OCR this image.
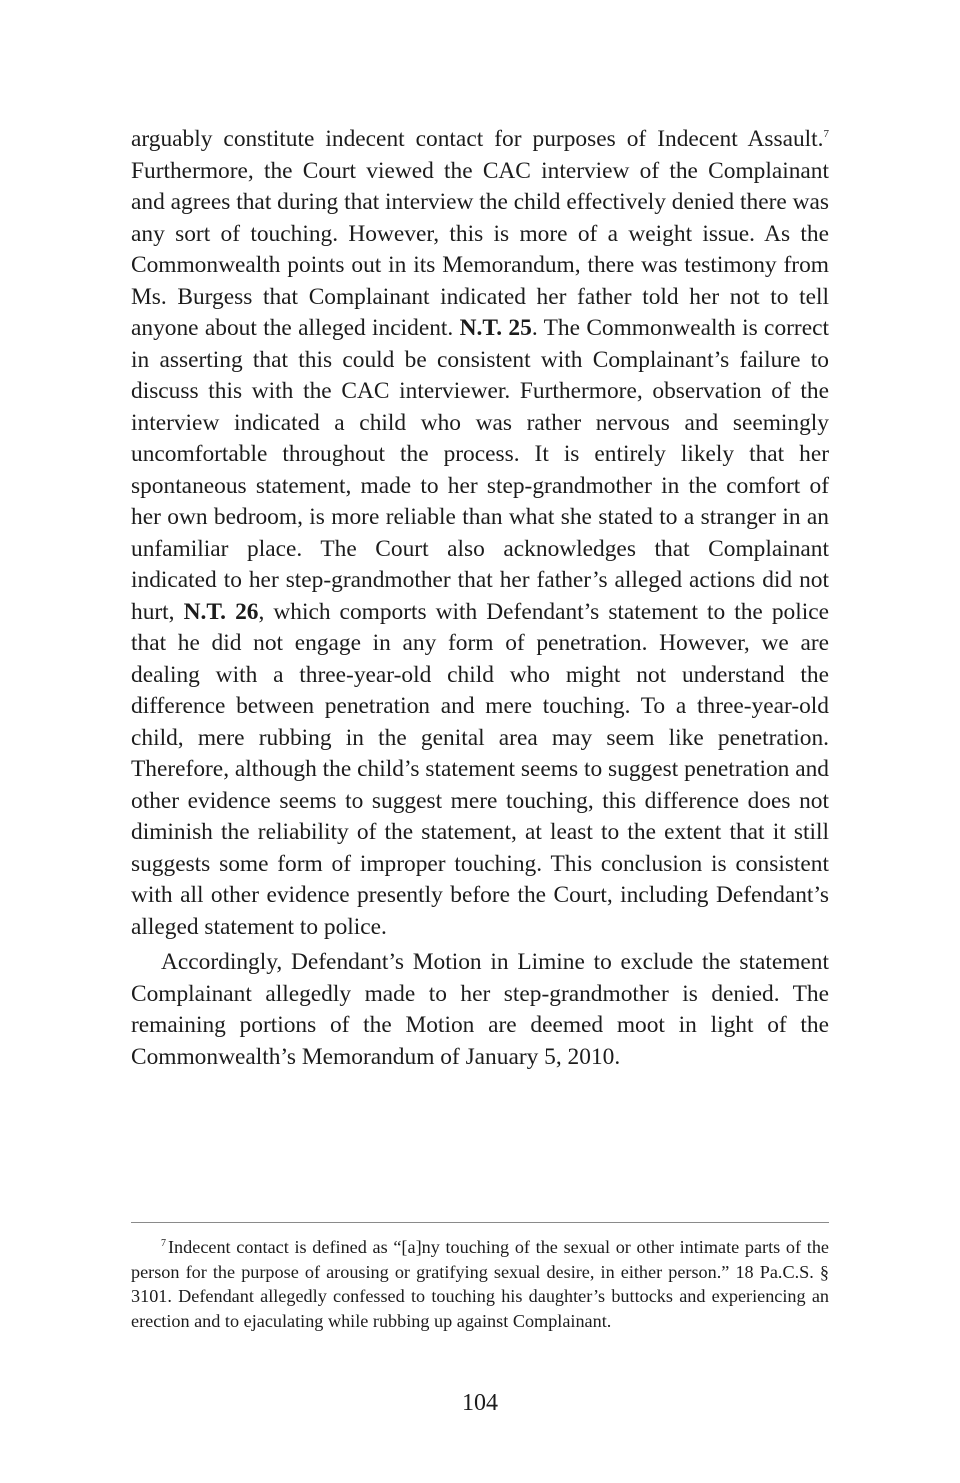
arguably constitute indecent contact for purposes of Indecent Assault.$^7$ Furthermore, the Court viewed the CAC interview of the Complainant and agrees that during that interview the child effectively denied there was any sort of touching. However, this is more of a weight issue. As the Commonwealth points out in its Memorandum, there was testimony from Ms. Burgess that Complainant indicated her father told her not to tell anyone about the alleged incident. N.T. 25. The Commonwealth is correct in asserting that this could be consistent with Complainant’s failure to discuss this with the CAC interviewer. Furthermore, observation of the interview indicated a child who was rather nervous and seemingly uncomfortable throughout the process. It is entirely likely that her spontaneous statement, made to her step-grandmother in the comfort of her own bedroom, is more reliable than what she stated to a stranger in an unfamiliar place. The Court also acknowledges that Complainant indicated to her step-grandmother that her father’s alleged actions did not hurt, N.T. 26, which comports with Defendant’s statement to the police that he did not engage in any form of penetration. However, we are dealing with a three-year-old child who might not understand the difference between penetration and mere touching. To a three-year-old child, mere rubbing in the genital area may seem like penetration. Therefore, although the child’s statement seems to suggest penetration and other evidence seems to suggest mere touching, this difference does not diminish the reliability of the statement, at least to the extent that it still suggests some form of improper touching. This conclusion is consistent with all other evidence presently before the Court, including Defendant’s alleged statement to police.

Accordingly, Defendant’s Motion in Limine to exclude the statement Complainant allegedly made to her step-grandmother is denied. The remaining portions of the Motion are deemed moot in light of the Commonwealth’s Memorandum of January 5, 2010.

$^7$ Indecent contact is defined as “[a]ny touching of the sexual or other intimate parts of the person for the purpose of arousing or gratifying sexual desire, in either person.” 18 Pa.C.S. § 3101. Defendant allegedly confessed to touching his daughter’s buttocks and experiencing an erection and to ejaculating while rubbing up against Complainant.

104
